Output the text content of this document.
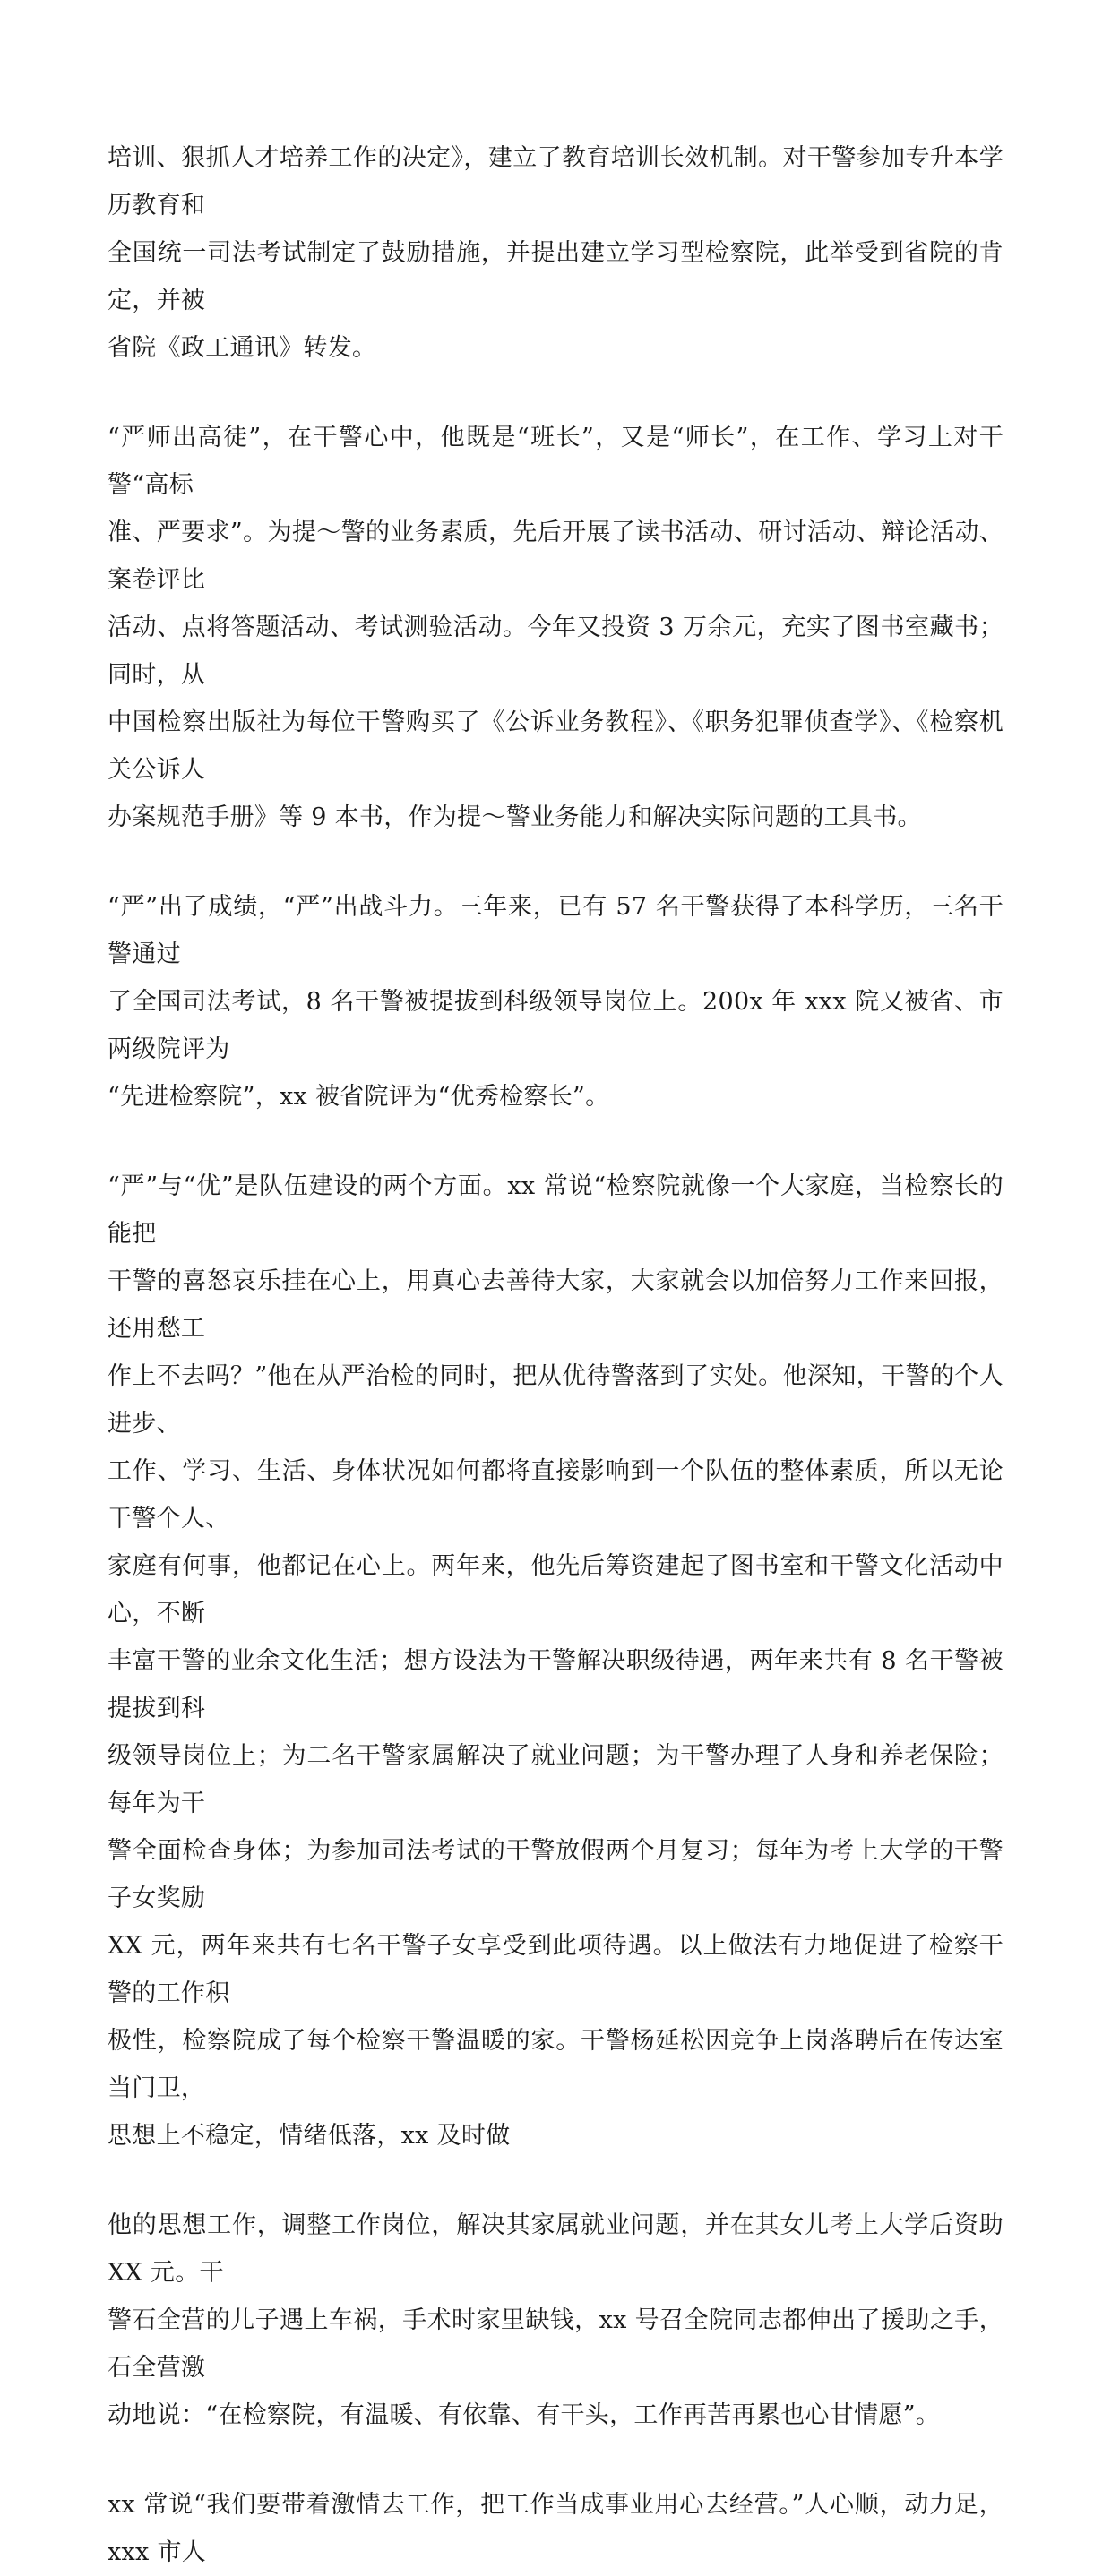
培训、狠抓人才培养工作的决定》，建立了教育培训长效机制。对干警参加专升本学历教育和
全国统一司法考试制定了鼓励措施，并提出建立学习型检察院，此举受到省院的肯定，并被
省院《政工通讯》转发。

“严师出高徒”，在干警心中，他既是“班长”，又是“师长”，在工作、学习上对干警“高标
准、严要求”。为提～警的业务素质，先后开展了读书活动、研讨活动、辩论活动、案卷评比
活动、点将答题活动、考试测验活动。今年又投资 3 万余元，充实了图书室藏书；同时，从
中国检察出版社为每位干警购买了《公诉业务教程》、《职务犯罪侦查学》、《检察机关公诉人
办案规范手册》等 9 本书，作为提～警业务能力和解决实际问题的工具书。

“严”出了成绩，“严”出战斗力。三年来，已有 57 名干警获得了本科学历，三名干警通过
了全国司法考试，8 名干警被提拔到科级领导岗位上。200x 年 xxx 院又被省、市两级院评为
“先进检察院”，xx 被省院评为“优秀检察长”。

“严”与“优”是队伍建设的两个方面。xx 常说“检察院就像一个大家庭，当检察长的能把
干警的喜怒哀乐挂在心上，用真心去善待大家，大家就会以加倍努力工作来回报，还用愁工
作上不去吗？”他在从严治检的同时，把从优待警落到了实处。他深知，干警的个人进步、
工作、学习、生活、身体状况如何都将直接影响到一个队伍的整体素质，所以无论干警个人、
家庭有何事，他都记在心上。两年来，他先后筹资建起了图书室和干警文化活动中心，不断
丰富干警的业余文化生活；想方设法为干警解决职级待遇，两年来共有 8 名干警被提拔到科
级领导岗位上；为二名干警家属解决了就业问题；为干警办理了人身和养老保险；每年为干
警全面检查身体；为参加司法考试的干警放假两个月复习；每年为考上大学的干警子女奖励
XX 元，两年来共有七名干警子女享受到此项待遇。以上做法有力地促进了检察干警的工作积
极性，检察院成了每个检察干警温暖的家。干警杨延松因竞争上岗落聘后在传达室当门卫，
思想上不稳定，情绪低落，xx 及时做

他的思想工作，调整工作岗位，解决其家属就业问题，并在其女儿考上大学后资助 XX 元。干
警石全营的儿子遇上车祸，手术时家里缺钱，xx 号召全院同志都伸出了援助之手，石全营激
动地说：“在检察院，有温暖、有依靠、有干头，工作再苦再累也心甘情愿”。

xx 常说“我们要带着激情去工作，把工作当成事业用心去经营。”人心顺，动力足，xxx 市人
